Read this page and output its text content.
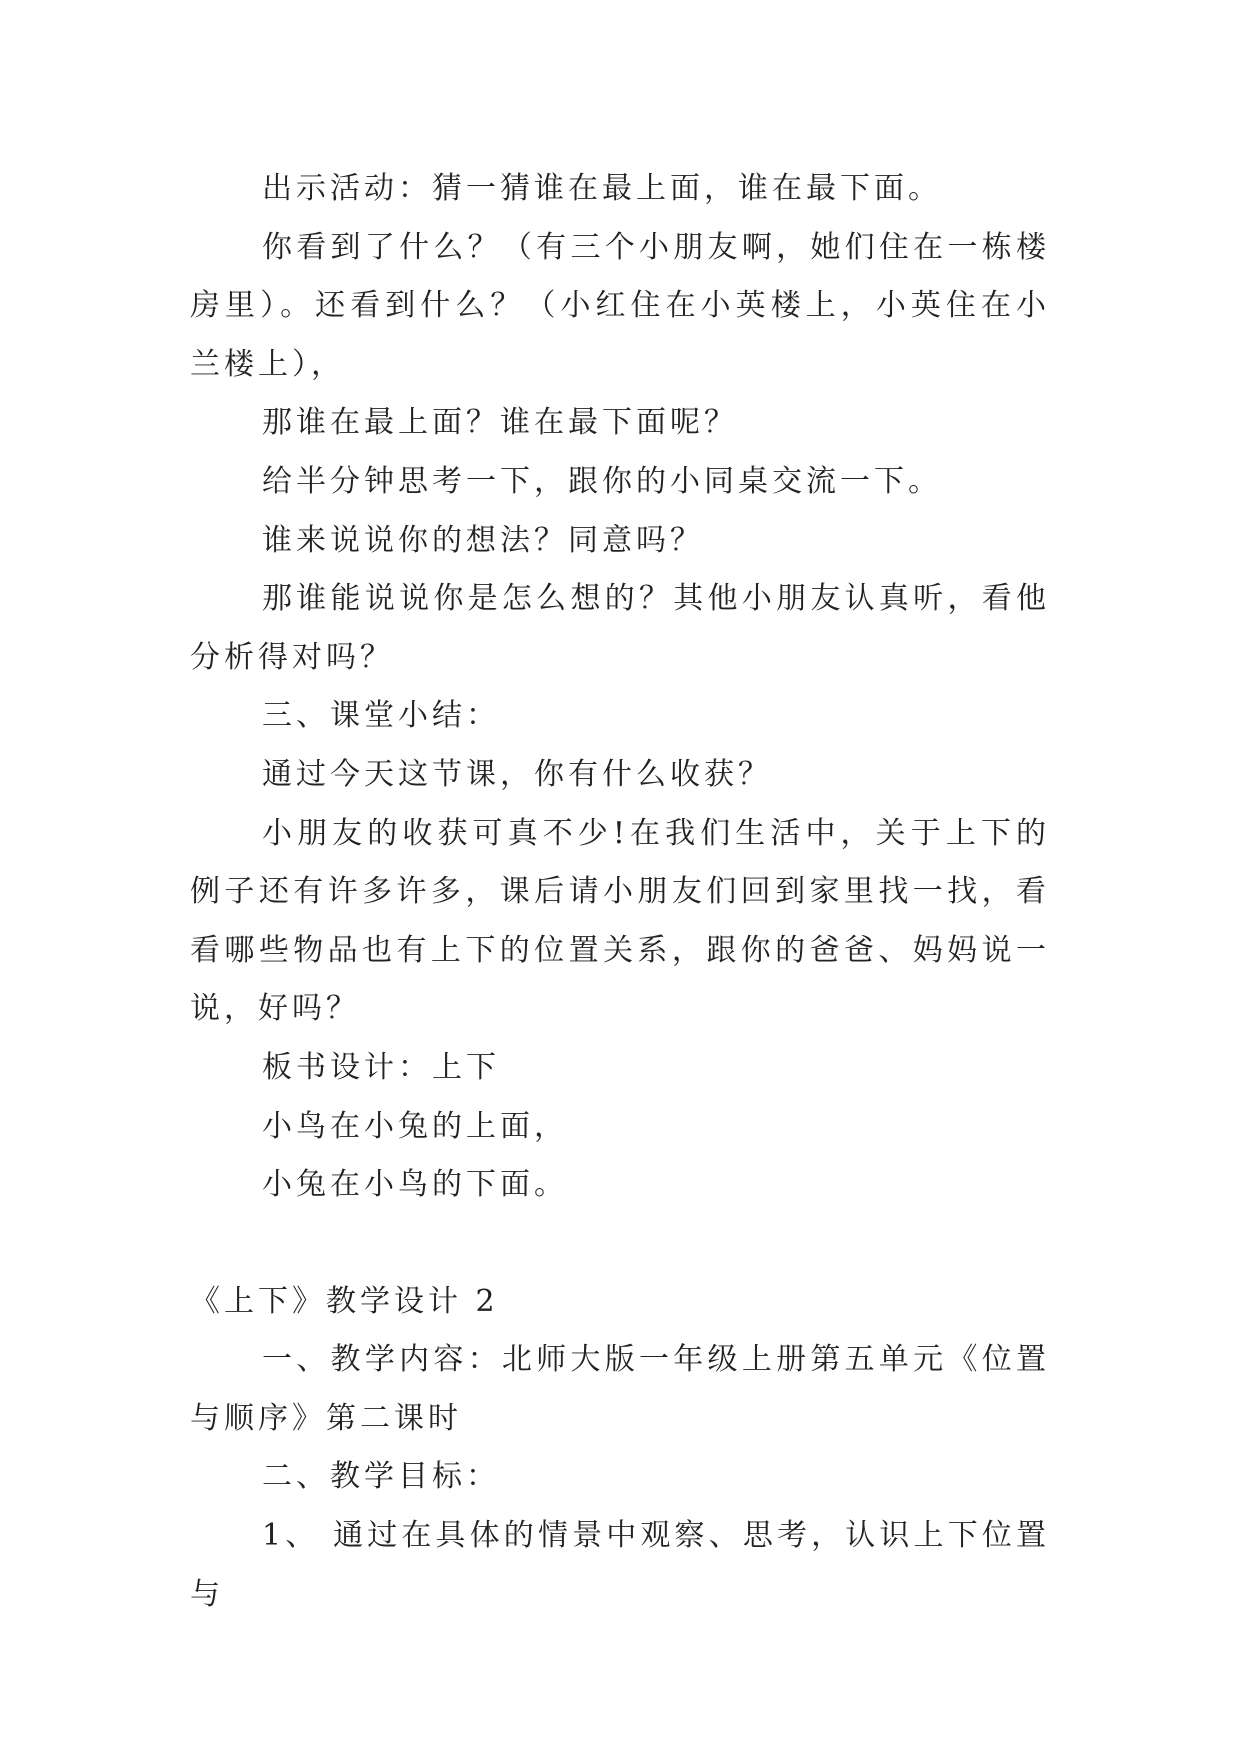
出示活动：猜一猜谁在最上面，谁在最下面。

你看到了什么？（有三个小朋友啊，她们住在一栋楼房里）。还看到什么？（小红住在小英楼上，小英住在小兰楼上），

那谁在最上面？谁在最下面呢？

给半分钟思考一下，跟你的小同桌交流一下。

谁来说说你的想法？同意吗？

那谁能说说你是怎么想的？其他小朋友认真听，看他分析得对吗？

三、课堂小结：

通过今天这节课，你有什么收获？

小朋友的收获可真不少!在我们生活中，关于上下的例子还有许多许多，课后请小朋友们回到家里找一找，看看哪些物品也有上下的位置关系，跟你的爸爸、妈妈说一说，好吗？

板书设计：上下

小鸟在小兔的上面，

小兔在小鸟的下面。

《上下》教学设计 2

一、教学内容：北师大版一年级上册第五单元《位置与顺序》第二课时

二、教学目标：

1、 通过在具体的情景中观察、思考，认识上下位置与
